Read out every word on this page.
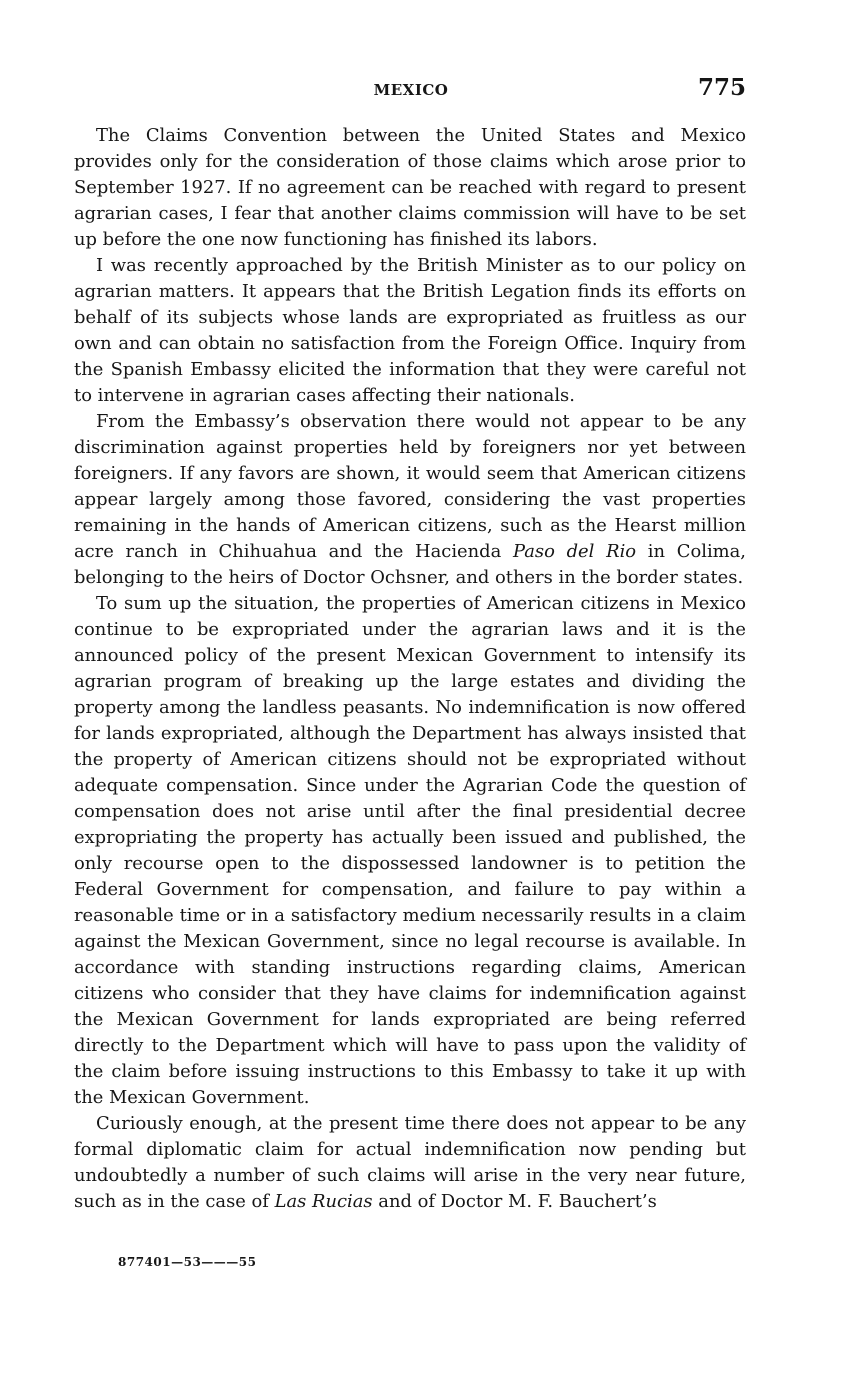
MEXICO	775

The Claims Convention between the United States and Mexico provides only for the consideration of those claims which arose prior to September 1927. If no agreement can be reached with regard to present agrarian cases, I fear that another claims commission will have to be set up before the one now functioning has finished its labors.

I was recently approached by the British Minister as to our policy on agrarian matters. It appears that the British Legation finds its efforts on behalf of its subjects whose lands are expropriated as fruitless as our own and can obtain no satisfaction from the Foreign Office. Inquiry from the Spanish Embassy elicited the information that they were careful not to intervene in agrarian cases affecting their nationals.

From the Embassy’s observation there would not appear to be any discrimination against properties held by foreigners nor yet between foreigners. If any favors are shown, it would seem that American citizens appear largely among those favored, considering the vast properties remaining in the hands of American citizens, such as the Hearst million acre ranch in Chihuahua and the Hacienda Paso del Rio in Colima, belonging to the heirs of Doctor Ochsner, and others in the border states.

To sum up the situation, the properties of American citizens in Mexico continue to be expropriated under the agrarian laws and it is the announced policy of the present Mexican Government to intensify its agrarian program of breaking up the large estates and dividing the property among the landless peasants. No indemnification is now offered for lands expropriated, although the Department has always insisted that the property of American citizens should not be expropriated without adequate compensation. Since under the Agrarian Code the question of compensation does not arise until after the final presidential decree expropriating the property has actually been issued and published, the only recourse open to the dispossessed landowner is to petition the Federal Government for compensation, and failure to pay within a reasonable time or in a satisfactory medium necessarily results in a claim against the Mexican Government, since no legal recourse is available. In accordance with standing instructions regarding claims, American citizens who consider that they have claims for indemnification against the Mexican Government for lands expropriated are being referred directly to the Department which will have to pass upon the validity of the claim before issuing instructions to this Embassy to take it up with the Mexican Government.

Curiously enough, at the present time there does not appear to be any formal diplomatic claim for actual indemnification now pending but undoubtedly a number of such claims will arise in the very near future, such as in the case of Las Rucias and of Doctor M. F. Bauchert’s

877401—53———55
